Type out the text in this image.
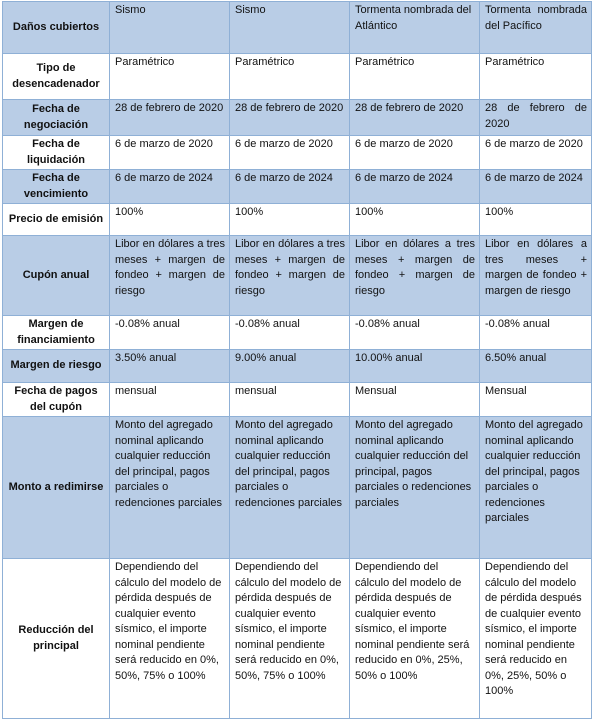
Daños cubiertos	Sismo	Sismo	Tormenta nombrada del Atlántico	Tormenta nombrada del Pacífico
Tipo de desencadenador	Paramétrico	Paramétrico	Paramétrico	Paramétrico
Fecha de negociación	28 de febrero de 2020	28 de febrero de 2020	28 de febrero de 2020	28 de febrero de 2020
Fecha de liquidación	6 de marzo de 2020	6 de marzo de 2020	6 de marzo de 2020	6 de marzo de 2020
Fecha de vencimiento	6 de marzo de 2024	6 de marzo de 2024	6 de marzo de 2024	6 de marzo de 2024
Precio de emisión	100%	100%	100%	100%
Cupón anual	Libor en dólares a tres meses + margen de fondeo + margen de riesgo	Libor en dólares a tres meses + margen de fondeo + margen de riesgo	Libor en dólares a tres meses + margen de fondeo + margen de riesgo	Libor en dólares a tres meses + margen de fondeo + margen de riesgo
Margen de financiamiento	-0.08% anual	-0.08% anual	-0.08% anual	-0.08% anual
Margen de riesgo	3.50% anual	9.00% anual	10.00% anual	6.50% anual
Fecha de pagos del cupón	mensual	mensual	Mensual	Mensual
Monto a redimirse	Monto del agregado nominal aplicando cualquier reducción del principal, pagos parciales o redenciones parciales	Monto del agregado nominal aplicando cualquier reducción del principal, pagos parciales o redenciones parciales	Monto del agregado nominal aplicando cualquier reducción del principal, pagos parciales o redenciones parciales	Monto del agregado nominal aplicando cualquier reducción del principal, pagos parciales o redenciones parciales
Reducción del principal	Dependiendo del cálculo del modelo de pérdida después de cualquier evento sísmico, el importe nominal pendiente será reducido en 0%, 50%, 75% o 100%	Dependiendo del cálculo del modelo de pérdida después de cualquier evento sísmico, el importe nominal pendiente será reducido en 0%, 50%, 75% o 100%	Dependiendo del cálculo del modelo de pérdida después de cualquier evento sísmico, el importe nominal pendiente será reducido en 0%, 25%, 50% o 100%	Dependiendo del cálculo del modelo de pérdida después de cualquier evento sísmico, el importe nominal pendiente será reducido en 0%, 25%, 50% o 100%
